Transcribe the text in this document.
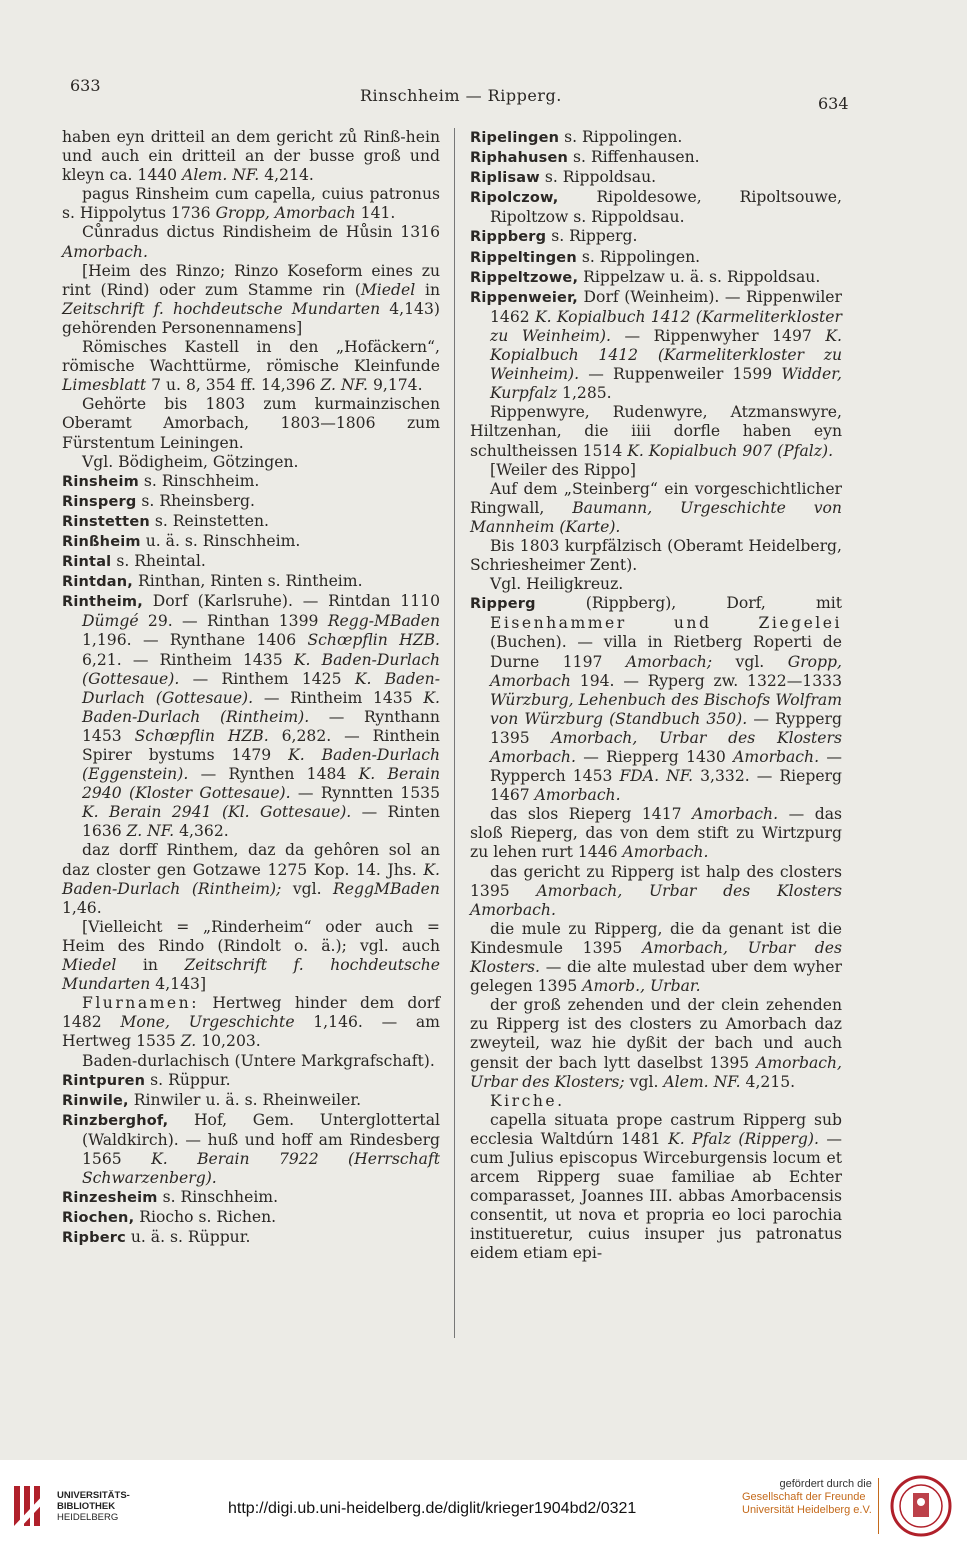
633
Rinschheim — Ripperg.	634

haben eyn dritteil an dem gericht zů Rinß-hein und auch ein dritteil an der busse groß und kleyn ca. 1440 Alem. NF. 4,214.

pagus Rinsheim cum capella, cuius patronus s. Hippolytus 1736 Gropp, Amorbach 141.

Cůnradus dictus Rindisheim de Hůsin 1316 Amorbach.

[Heim des Rinzo; Rinzo Koseform eines zu rint (Rind) oder zum Stamme rin (Miedel in Zeitschrift f. hochdeutsche Mundarten 4,143) gehörenden Personennamens]

Römisches Kastell in den „Hofäckern“, römische Wachttürme, römische Kleinfunde Limesblatt 7 u. 8, 354 ff. 14,396 Z. NF. 9,174.

Gehörte bis 1803 zum kurmainzischen Oberamt Amorbach, 1803—1806 zum Fürstentum Leiningen.

Vgl. Bödigheim, Götzingen.

Rinsheim s. Rinschheim.

Rinsperg s. Rheinsberg.

Rinstetten s. Reinstetten.

Rinßheim u. ä. s. Rinschheim.

Rintal s. Rheintal.

Rintdan, Rinthan, Rinten s. Rintheim.

Rintheim, Dorf (Karlsruhe). — Rintdan 1110 Dümgé 29. — Rinthan 1399 Regg-MBaden 1,196. — Rynthane 1406 Schœpflin HZB. 6,21. — Rintheim 1435 K. Baden-Durlach (Gottesaue). — Rinthem 1425 K. Baden-Durlach (Gottesaue). — Rintheim 1435 K. Baden-Durlach (Rintheim). — Rynthann 1453 Schœpflin HZB. 6,282. — Rinthein Spirer bystums 1479 K. Baden-Durlach (Eggenstein). — Rynthen 1484 K. Berain 2940 (Kloster Gottesaue). — Rynntten 1535 K. Berain 2941 (Kl. Gottesaue). — Rinten 1636 Z. NF. 4,362.

daz dorff Rinthem, daz da gehôren sol an daz closter gen Gotzawe 1275 Kop. 14. Jhs. K. Baden-Durlach (Rintheim); vgl. ReggMBaden 1,46.

[Vielleicht = „Rinderheim“ oder auch = Heim des Rindo (Rindolt o. ä.); vgl. auch Miedel in Zeitschrift f. hochdeutsche Mundarten 4,143]

Flurnamen: Hertweg hinder dem dorf 1482 Mone, Urgeschichte 1,146. — am Hertweg 1535 Z. 10,203.

Baden-durlachisch (Untere Markgrafschaft).

Rintpuren s. Rüppur.

Rinwile, Rinwiler u. ä. s. Rheinweiler.

Rinzberghof, Hof, Gem. Unterglottertal (Waldkirch). — huß und hoff am Rindesberg 1565 K. Berain 7922 (Herrschaft Schwarzenberg).

Rinzesheim s. Rinschheim.

Riochen, Riocho s. Richen.

Ripberc u. ä. s. Rüppur.

Ripelingen s. Rippolingen.

Riphahusen s. Riffenhausen.

Riplisaw s. Rippoldsau.

Ripolczow, Ripoldesowe, Ripoltsouwe, Ripoltzow s. Rippoldsau.

Rippberg s. Ripperg.

Rippeltingen s. Rippolingen.

Rippeltzowe, Rippelzaw u. ä. s. Rippoldsau.

Rippenweier, Dorf (Weinheim). — Rippenwiler 1462 K. Kopialbuch 1412 (Karmeliterkloster zu Weinheim). — Rippenwyher 1497 K. Kopialbuch 1412 (Karmeliterkloster zu Weinheim). — Ruppenweiler 1599 Widder, Kurpfalz 1,285.

Rippenwyre, Rudenwyre, Atzmanswyre, Hiltzenhan, die iiii dorfle haben eyn schultheissen 1514 K. Kopialbuch 907 (Pfalz).

[Weiler des Rippo]

Auf dem „Steinberg“ ein vorgeschichtlicher Ringwall, Baumann, Urgeschichte von Mannheim (Karte).

Bis 1803 kurpfälzisch (Oberamt Heidelberg, Schriesheimer Zent).

Vgl. Heiligkreuz.

Ripperg	(Rippberg), Dorf, mit Eisenhammer und Ziegelei (Buchen). — villa in Rietberg Roperti de Durne 1197 Amorbach; vgl. Gropp, Amorbach 194. — Ryperg zw. 1322—1333 Würzburg, Lehenbuch des Bischofs Wolfram von Würzburg (Standbuch 350). — Rypperg 1395 Amorbach, Urbar des Klosters Amorbach. — Riepperg 1430 Amorbach. — Rypperch 1453 FDA. NF. 3,332. — Rieperg 1467 Amorbach.

das slos Rieperg 1417 Amorbach. — das sloß Rieperg, das von dem stift zu Wirtzpurg zu lehen rurt 1446 Amorbach.

das gericht zu Ripperg ist halp des closters 1395 Amorbach, Urbar des Klosters Amorbach.

die mule zu Ripperg, die da genant ist die Kindesmule 1395 Amorbach, Urbar des Klosters. — die alte mulestad uber dem wyher gelegen 1395 Amorb., Urbar.

der groß zehenden und der clein zehenden zu Ripperg ist des closters zu Amorbach daz zweyteil, waz hie dyßit der bach und auch gensit der bach lytt daselbst 1395 Amorbach, Urbar des Klosters; vgl. Alem. NF. 4,215.

Kirche.

capella situata prope castrum Ripperg sub ecclesia Waltdúrn 1481 K. Pfalz (Ripperg). — cum Julius episcopus Wirceburgensis locum et arcem Ripperg suae familiae ab Echter comparasset, Joannes III. abbas Amorbacensis consentit, ut nova et propria eo loci parochia institueretur, cuius insuper jus patronatus eidem etiam epi-

UNIVERSITÄTS-
BIBLIOTHEK
HEIDELBERG
http://digi.ub.uni-heidelberg.de/diglit/krieger1904bd2/0321
gefördert durch die
Gesellschaft der Freunde
Universität Heidelberg e.V.
